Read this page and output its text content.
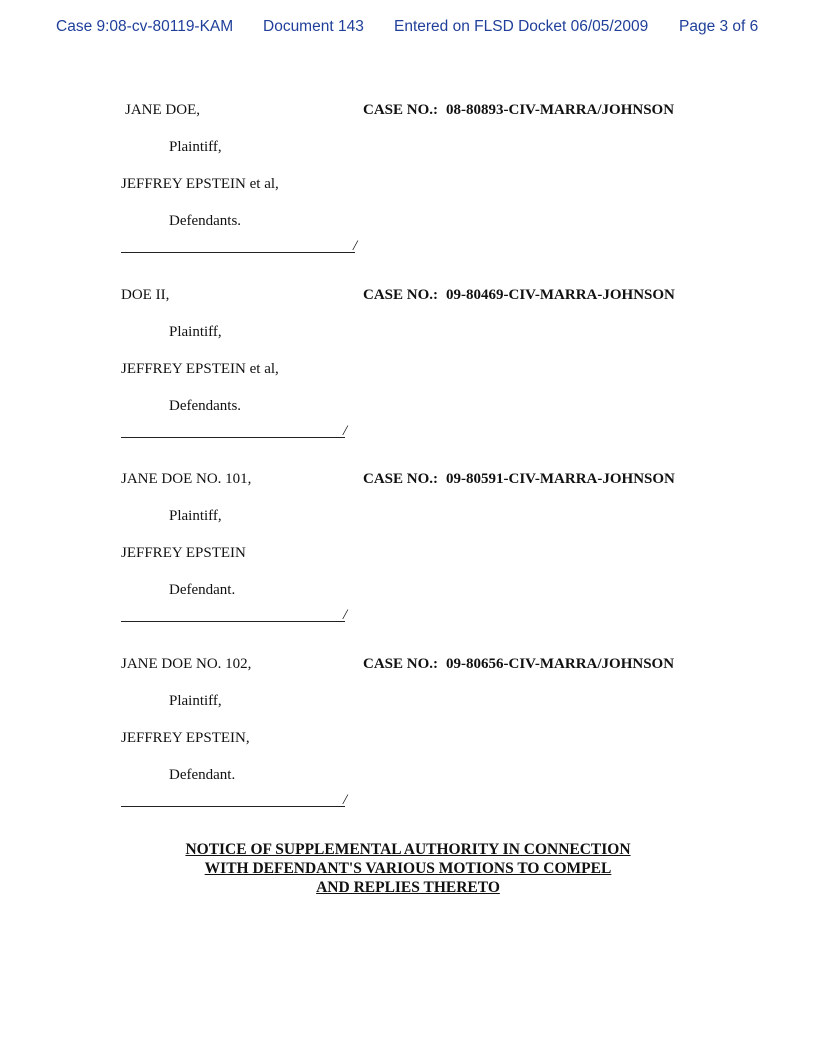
Case 9:08-cv-80119-KAM Document 143 Entered on FLSD Docket 06/05/2009 Page 3 of 6
JANE DOE,	CASE NO.: 08-80893-CIV-MARRA/JOHNSON
Plaintiff,
JEFFREY EPSTEIN et al,
Defendants.
/
DOE II,	CASE NO.: 09-80469-CIV-MARRA-JOHNSON
Plaintiff,
JEFFREY EPSTEIN et al,
Defendants.
/
JANE DOE NO. 101,	CASE NO.: 09-80591-CIV-MARRA-JOHNSON
Plaintiff,
JEFFREY EPSTEIN
Defendant.
/
JANE DOE NO. 102,	CASE NO.: 09-80656-CIV-MARRA/JOHNSON
Plaintiff,
JEFFREY EPSTEIN,
Defendant.
/
NOTICE OF SUPPLEMENTAL AUTHORITY IN CONNECTION
WITH DEFENDANT'S VARIOUS MOTIONS TO COMPEL
AND REPLIES THERETO
